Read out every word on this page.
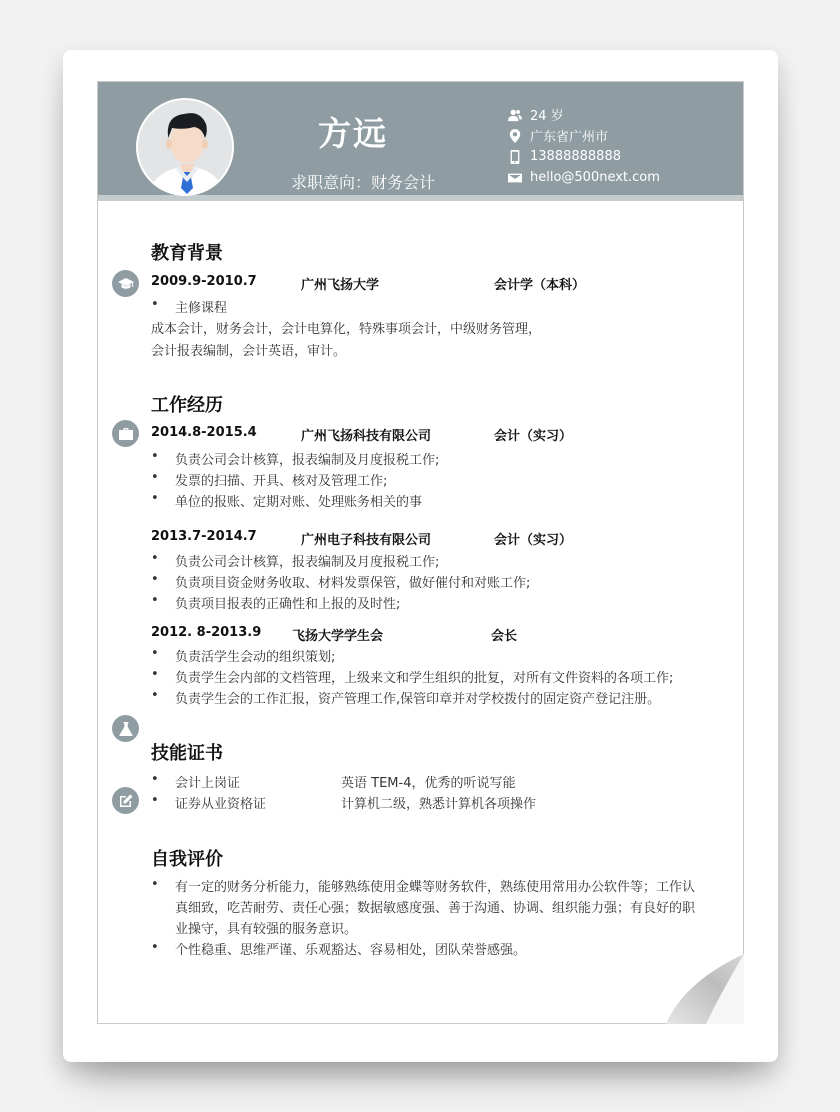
方远
求职意向：财务会计
24 岁
广东省广州市
13888888888
hello@500next.com
教育背景
2009.9-2010.7	广州飞扬大学	会计学（本科）
• 主修课程
成本会计，财务会计，会计电算化，特殊事项会计，中级财务管理，
会计报表编制，会计英语，审计。
工作经历
2014.8-2015.4	广州飞扬科技有限公司	会计（实习）
• 负责公司会计核算，报表编制及月度报税工作;
• 发票的扫描、开具、核对及管理工作;
• 单位的报账、定期对账、处理账务相关的事
2013.7-2014.7	广州电子科技有限公司	会计（实习）
• 负责公司会计核算，报表编制及月度报税工作;
• 负责项目资金财务收取、材料发票保管，做好催付和对账工作;
• 负责项目报表的正确性和上报的及时性;
2012. 8-2013.9 飞扬大学学生会	会长
• 负责活学生会动的组织策划;
• 负责学生会内部的文档管理，上级来文和学生组织的批复，对所有文件资料的各项工作;
• 负责学生会的工作汇报，资产管理工作,保管印章并对学校拨付的固定资产登记注册。
技能证书
• 会计上岗证	英语 TEM-4，优秀的听说写能
• 证券从业资格证	计算机二级，熟悉计算机各项操作
自我评价
• 有一定的财务分析能力，能够熟练使用金蝶等财务软件，熟练使用常用办公软件等；工作认真细致，吃苦耐劳、责任心强；数据敏感度强、善于沟通、协调、组织能力强；有良好的职业操守，具有较强的服务意识。
• 个性稳重、思维严谨、乐观豁达、容易相处，团队荣誉感强。
